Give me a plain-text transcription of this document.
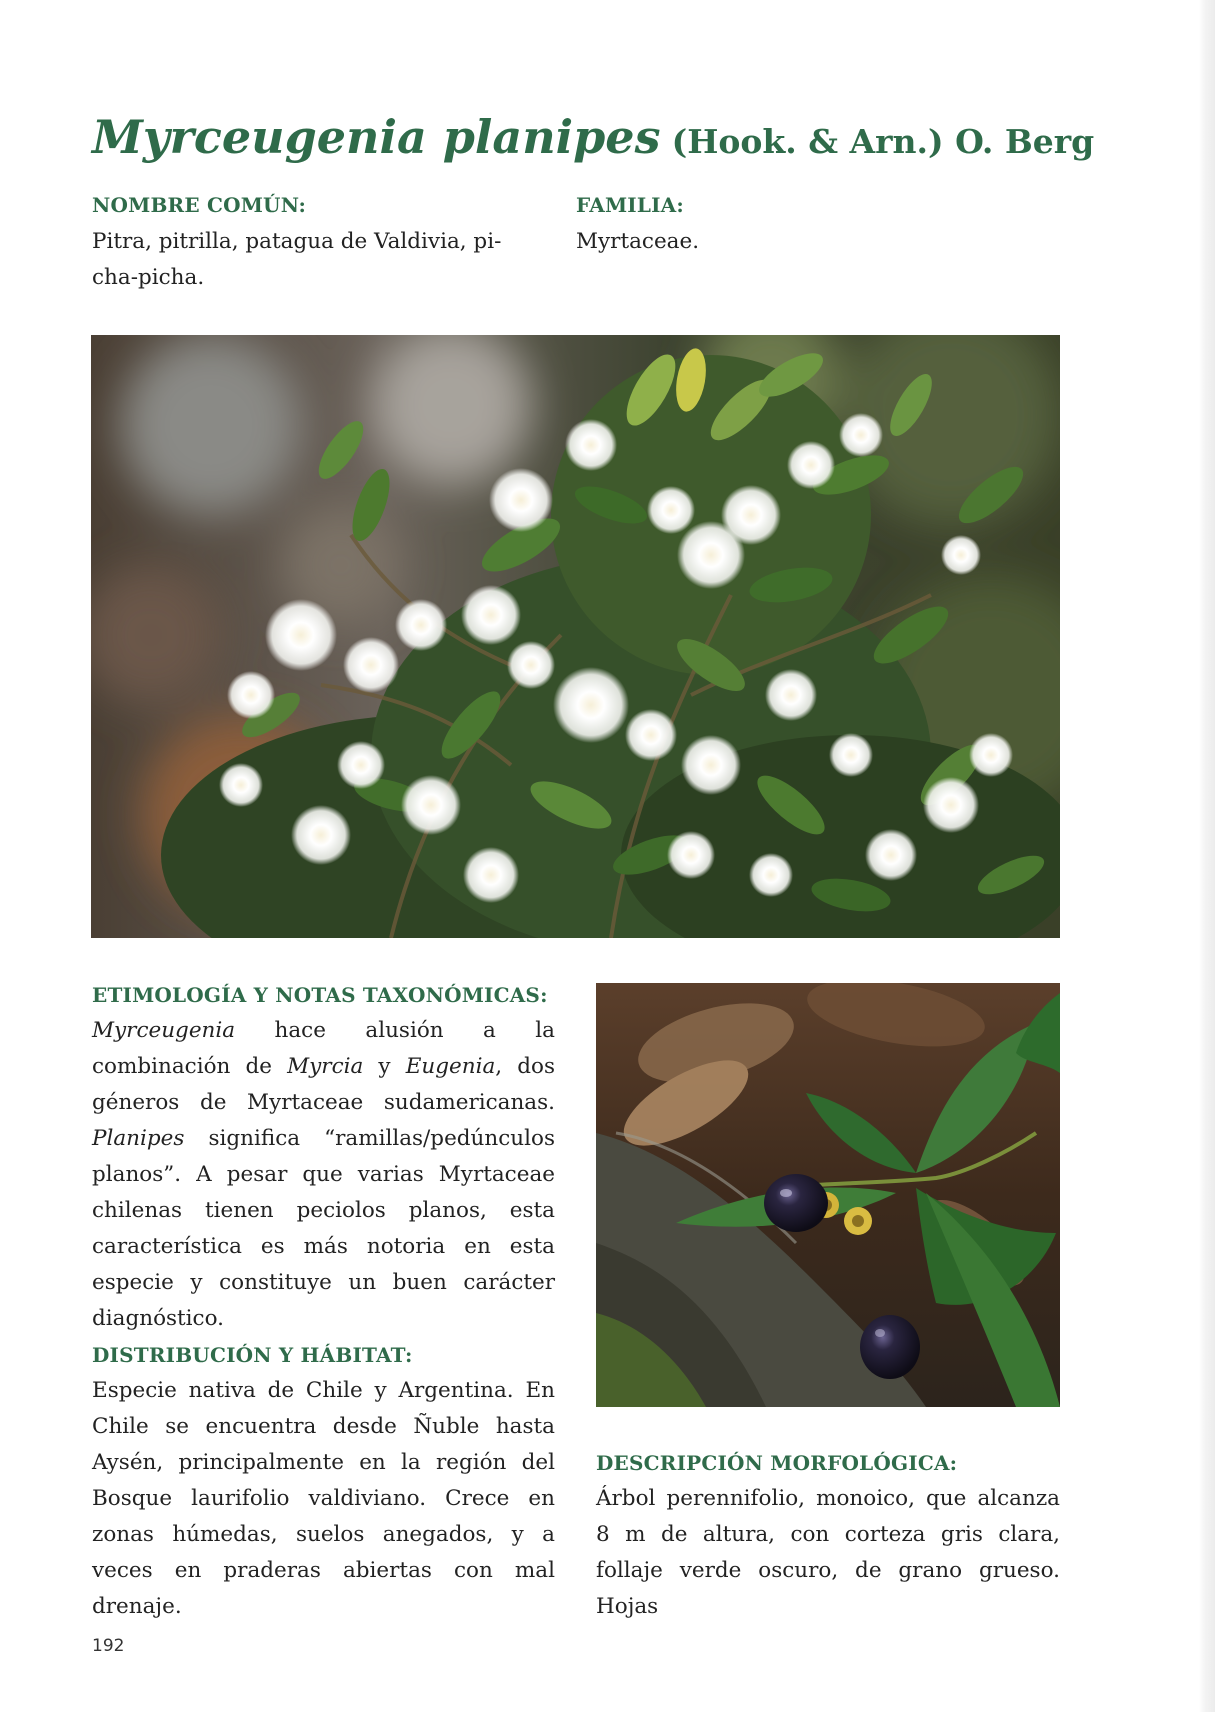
Myrceugenia planipes (Hook. & Arn.) O. Berg
NOMBRE COMÚN:
Pitra, pitrilla, patagua de Valdivia, pi-
cha-picha.
FAMILIA:
Myrtaceae.
ETIMOLOGÍA Y NOTAS TAXONÓMICAS:

Myrceugenia hace alusión a la combinación de Myrcia y Eugenia, dos géneros de Myrtaceae sudamericanas. Planipes significa “ramillas/pedúnculos planos”. A pesar que varias Myrtaceae chilenas tienen peciolos planos, esta característica es más notoria en esta especie y constituye un buen carácter diagnóstico.

DISTRIBUCIÓN Y HÁBITAT:

Especie nativa de Chile y Argentina. En Chile se encuentra desde Ñuble hasta Aysén, principalmente en la región del Bosque laurifolio valdiviano. Crece en zonas húmedas, suelos anegados, y a veces en praderas abiertas con mal drenaje.

DESCRIPCIÓN MORFOLÓGICA:

Árbol perennifolio, monoico, que alcanza 8 m de altura, con corteza gris clara, follaje verde oscuro, de grano grueso. Hojas

192
